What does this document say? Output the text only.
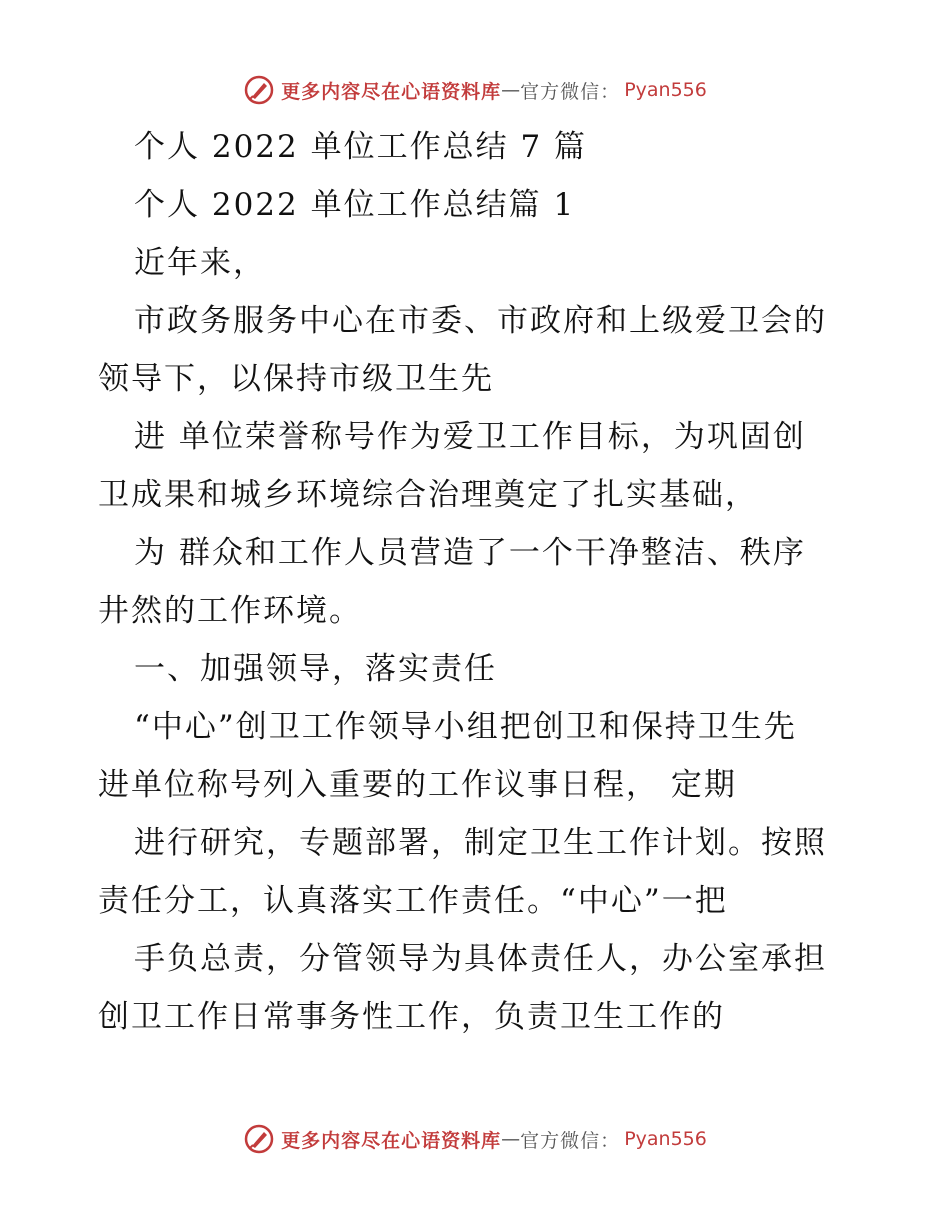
更多内容尽在心语资料库 — 官方微信： Pyan556
个人 2022 单位工作总结 7 篇
个人 2022 单位工作总结篇 1
近年来，
市政务服务中心在市委、市政府和上级爱卫会的
领导下，以保持市级卫生先
进 单位荣誉称号作为爱卫工作目标，为巩固创
卫成果和城乡环境综合治理奠定了扎实基础，
为 群众和工作人员营造了一个干净整洁、秩序
井然的工作环境。
一、加强领导，落实责任
“中心”创卫工作领导小组把创卫和保持卫生先
进单位称号列入重要的工作议事日程， 定期
进行研究，专题部署，制定卫生工作计划。按照
责任分工，认真落实工作责任。“中心”一把
手负总责，分管领导为具体责任人，办公室承担
创卫工作日常事务性工作，负责卫生工作的
更多内容尽在心语资料库 — 官方微信： Pyan556
